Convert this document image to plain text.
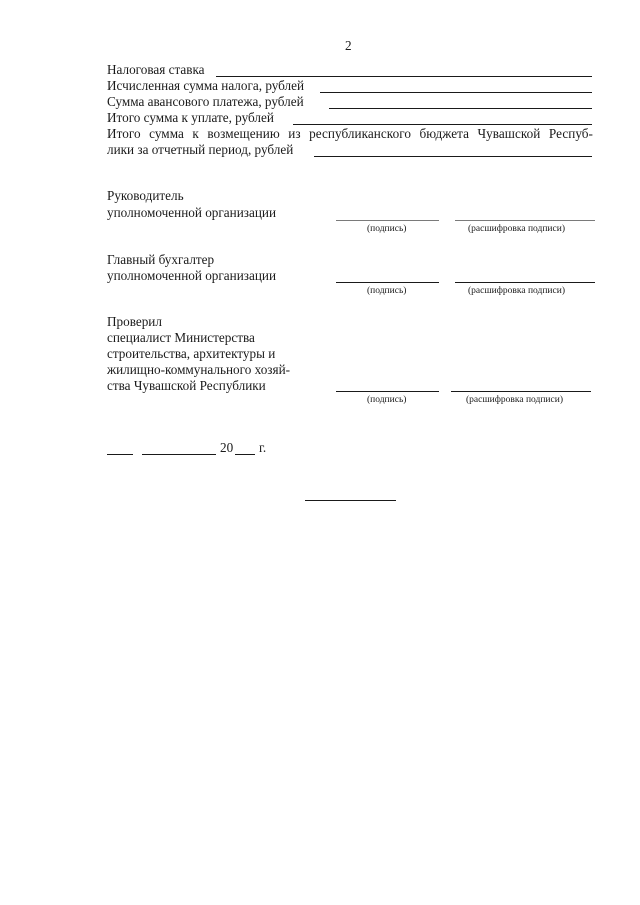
2
Налоговая ставка
Исчисленная сумма налога, рублей
Сумма авансового платежа, рублей
Итого сумма к уплате, рублей
Итого сумма к возмещению из республиканского бюджета Чувашской Респуб-
лики за отчетный период, рублей
Руководитель
уполномоченной организации
(подпись)	(расшифровка подписи)
Главный бухгалтер
уполномоченной организации
(подпись)	(расшифровка подписи)
Проверил
специалист Министерства
строительства, архитектуры и
жилищно-коммунального хозяй-
ства Чувашской Республики
(подпись)	(расшифровка подписи)
20 г.
